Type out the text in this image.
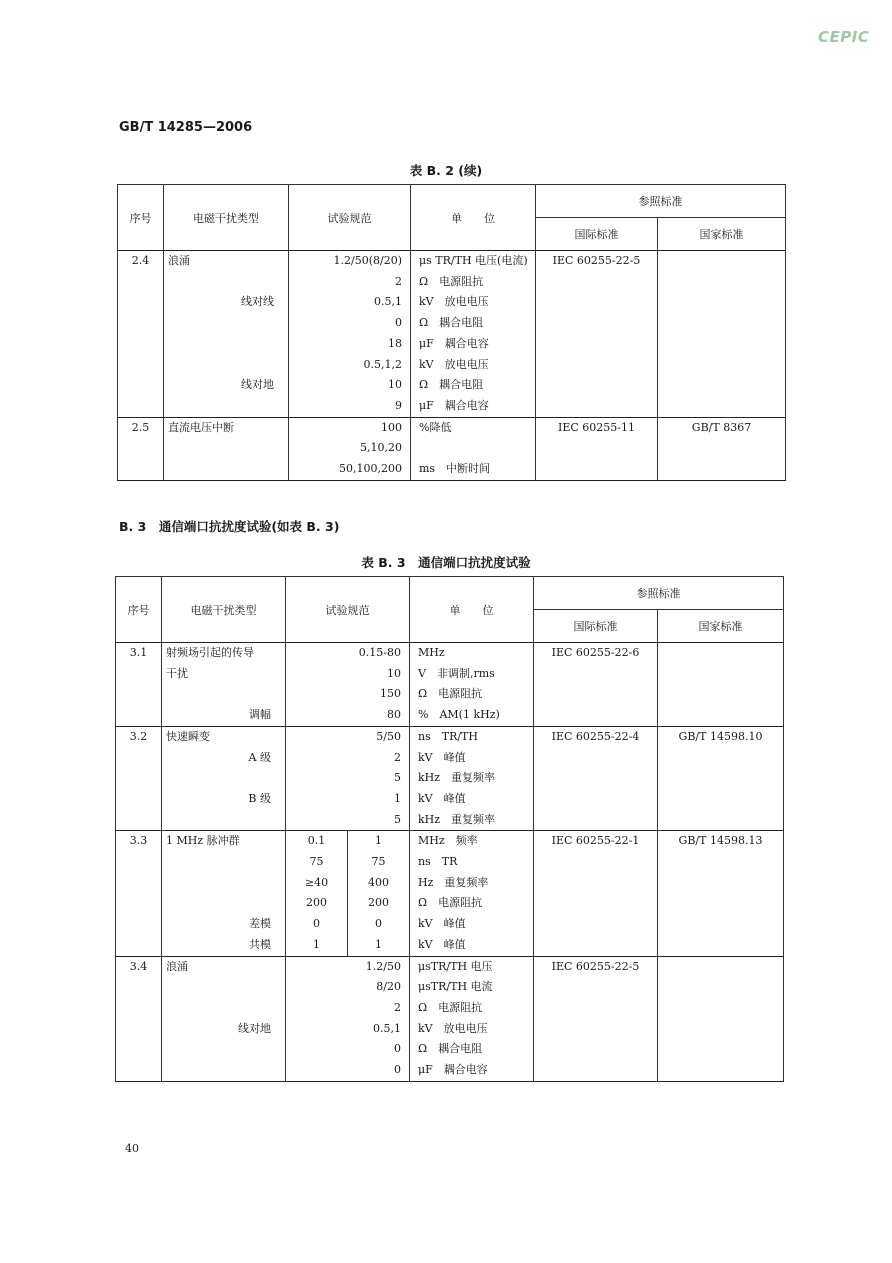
CEPIC
GB/T 14285—2006
表 B. 2 (续)
序号	电磁干扰类型	试验规范	单　　位	参照标准	
				国际标准	国家标准
2.4	浪涌	1.2/50(8/20)	μs TR/TH 电压(电流)	IEC 60255-22-5	
		2	Ω　电源阻抗		
	线对线	0.5,1	kV　放电电压		
		0	Ω　耦合电阻		
		18	μF　耦合电容		
		0.5,1,2	kV　放电电压		
	线对地	10	Ω　耦合电阻		
		9	μF　耦合电容		
2.5	直流电压中断	100	%降低	IEC 60255-11	GB/T 8367
		5,10,20			
		50,100,200	ms　中断时间		
B. 3　通信端口抗扰度试验(如表 B. 3)
表 B. 3　通信端口抗扰度试验
序号	电磁干扰类型	试验规范		单　　位	参照标准	
					国际标准	国家标准
3.1	射频场引起的传导	0.15-80		MHz	IEC 60255-22-6	
	干扰	10		V　非调制,rms		
		150		Ω　电源阻抗		
	调幅	80		%　AM(1 kHz)		
3.2	快速瞬变	5/50		ns　TR/TH	IEC 60255-22-4	GB/T 14598.10
	A 级	2		kV　峰值		
		5		kHz　重复频率		
	B 级	1		kV　峰值		
		5		kHz　重复频率		
3.3	1 MHz 脉冲群	0.1	1	MHz　频率	IEC 60255-22-1	GB/T 14598.13
		75	75	ns　TR		
		≥40	400	Hz　重复频率		
		200	200	Ω　电源阻抗		
	差模	0	0	kV　峰值		
	共模	1	1	kV　峰值		
3.4	浪涌	1.2/50		μsTR/TH 电压	IEC 60255-22-5	
		8/20		μsTR/TH 电流		
		2		Ω　电源阻抗		
	线对地	0.5,1		kV　放电电压		
		0		Ω　耦合电阻		
		0		μF　耦合电容		
40
